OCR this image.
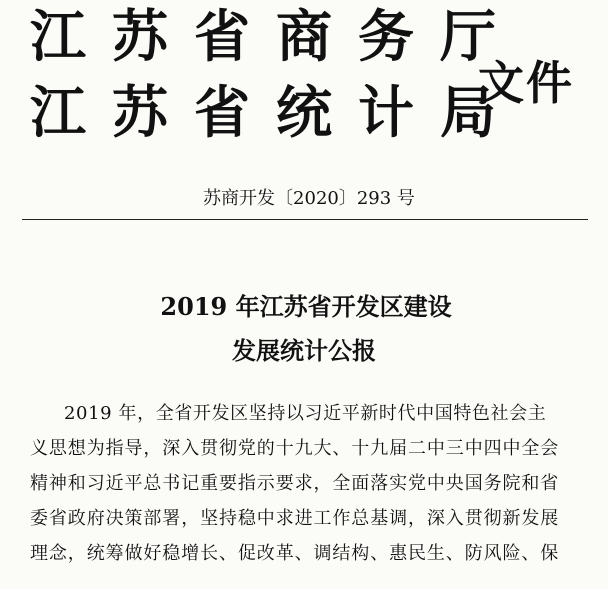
江苏省商务厅
江苏省统计局
文件
苏商开发〔2020〕293 号
2019 年江苏省开发区建设
发展统计公报
2019 年，全省开发区坚持以习近平新时代中国特色社会主
义思想为指导，深入贯彻党的十九大、十九届二中三中四中全会
精神和习近平总书记重要指示要求，全面落实党中央国务院和省
委省政府决策部署，坚持稳中求进工作总基调，深入贯彻新发展
理念，统筹做好稳增长、促改革、调结构、惠民生、防风险、保
